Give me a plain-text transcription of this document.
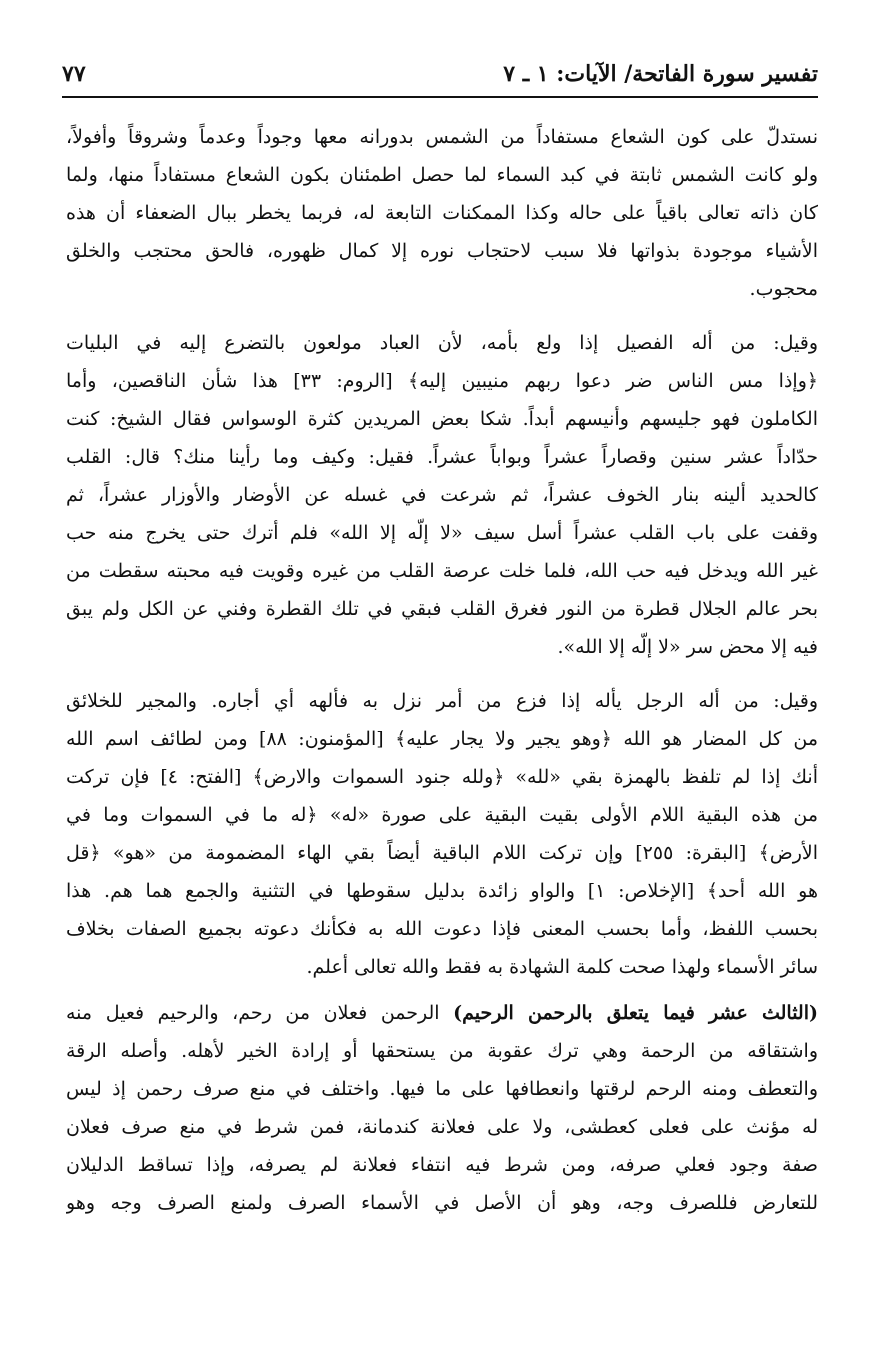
تفسير سورة الفاتحة/ الآيات: ١ ـ ٧
٧٧
نستدلّ على كون الشعاع مستفاداً من الشمس بدورانه معها وجوداً وعدماً وشروقاً وأفولاً،
ولو كانت الشمس ثابتة في كبد السماء لما حصل اطمئنان بكون الشعاع مستفاداً منها، ولما
كان ذاته تعالى باقياً على حاله وكذا الممكنات التابعة له، فربما يخطر ببال الضعفاء أن هذه
الأشياء موجودة بذواتها فلا سبب لاحتجاب نوره إلا كمال ظهوره، فالحق محتجب والخلق
محجوب.
وقيل: من أله الفصيل إذا ولع بأمه، لأن العباد مولعون بالتضرع إليه في البليات
﴿وإذا مس الناس ضر دعوا ربهم منيبين إليه﴾ [الروم: ٣٣] هذا شأن الناقصين، وأما
الكاملون فهو جليسهم وأنيسهم أبداً. شكا بعض المريدين كثرة الوسواس فقال الشيخ: كنت
حدّاداً عشر سنين وقصاراً عشراً وبواباً عشراً. فقيل: وكيف وما رأينا منك؟ قال: القلب
كالحديد ألينه بنار الخوف عشراً، ثم شرعت في غسله عن الأوضار والأوزار عشراً، ثم
وقفت على باب القلب عشراً أسل سيف «لا إلّه إلا الله» فلم أترك حتى يخرج منه حب
غير الله ويدخل فيه حب الله، فلما خلت عرصة القلب من غيره وقويت فيه محبته سقطت من
بحر عالم الجلال قطرة من النور فغرق القلب فبقي في تلك القطرة وفني عن الكل ولم يبق
فيه إلا محض سر «لا إلّه إلا الله».
وقيل: من أله الرجل يأله إذا فزع من أمر نزل به فألهه أي أجاره. والمجير للخلائق
من كل المضار هو الله ﴿وهو يجير ولا يجار عليه﴾ [المؤمنون: ٨٨] ومن لطائف اسم الله
أنك إذا لم تلفظ بالهمزة بقي «لله» ﴿ولله جنود السموات والارض﴾ [الفتح: ٤] فإن تركت
من هذه البقية اللام الأولى بقيت البقية على صورة «له» ﴿له ما في السموات وما في
الأرض﴾ [البقرة: ٢٥٥] وإن تركت اللام الباقية أيضاً بقي الهاء المضمومة من «هو» ﴿قل
هو الله أحد﴾ [الإخلاص: ١] والواو زائدة بدليل سقوطها في التثنية والجمع هما هم. هذا
بحسب اللفظ، وأما بحسب المعنى فإذا دعوت الله به فكأنك دعوته بجميع الصفات بخلاف
سائر الأسماء ولهذا صحت كلمة الشهادة به فقط والله تعالى أعلم.
(الثالث عشر فيما يتعلق بالرحمن الرحيم) الرحمن فعلان من رحم، والرحيم فعيل منه
واشتقاقه من الرحمة وهي ترك عقوبة من يستحقها أو إرادة الخير لأهله. وأصله الرقة
والتعطف ومنه الرحم لرقتها وانعطافها على ما فيها. واختلف في منع صرف رحمن إذ ليس
له مؤنث على فعلى كعطشى، ولا على فعلانة كندمانة، فمن شرط في منع صرف فعلان
صفة وجود فعلي صرفه، ومن شرط فيه انتفاء فعلانة لم يصرفه، وإذا تساقط الدليلان
للتعارض فللصرف وجه، وهو أن الأصل في الأسماء الصرف ولمنع الصرف وجه وهو
